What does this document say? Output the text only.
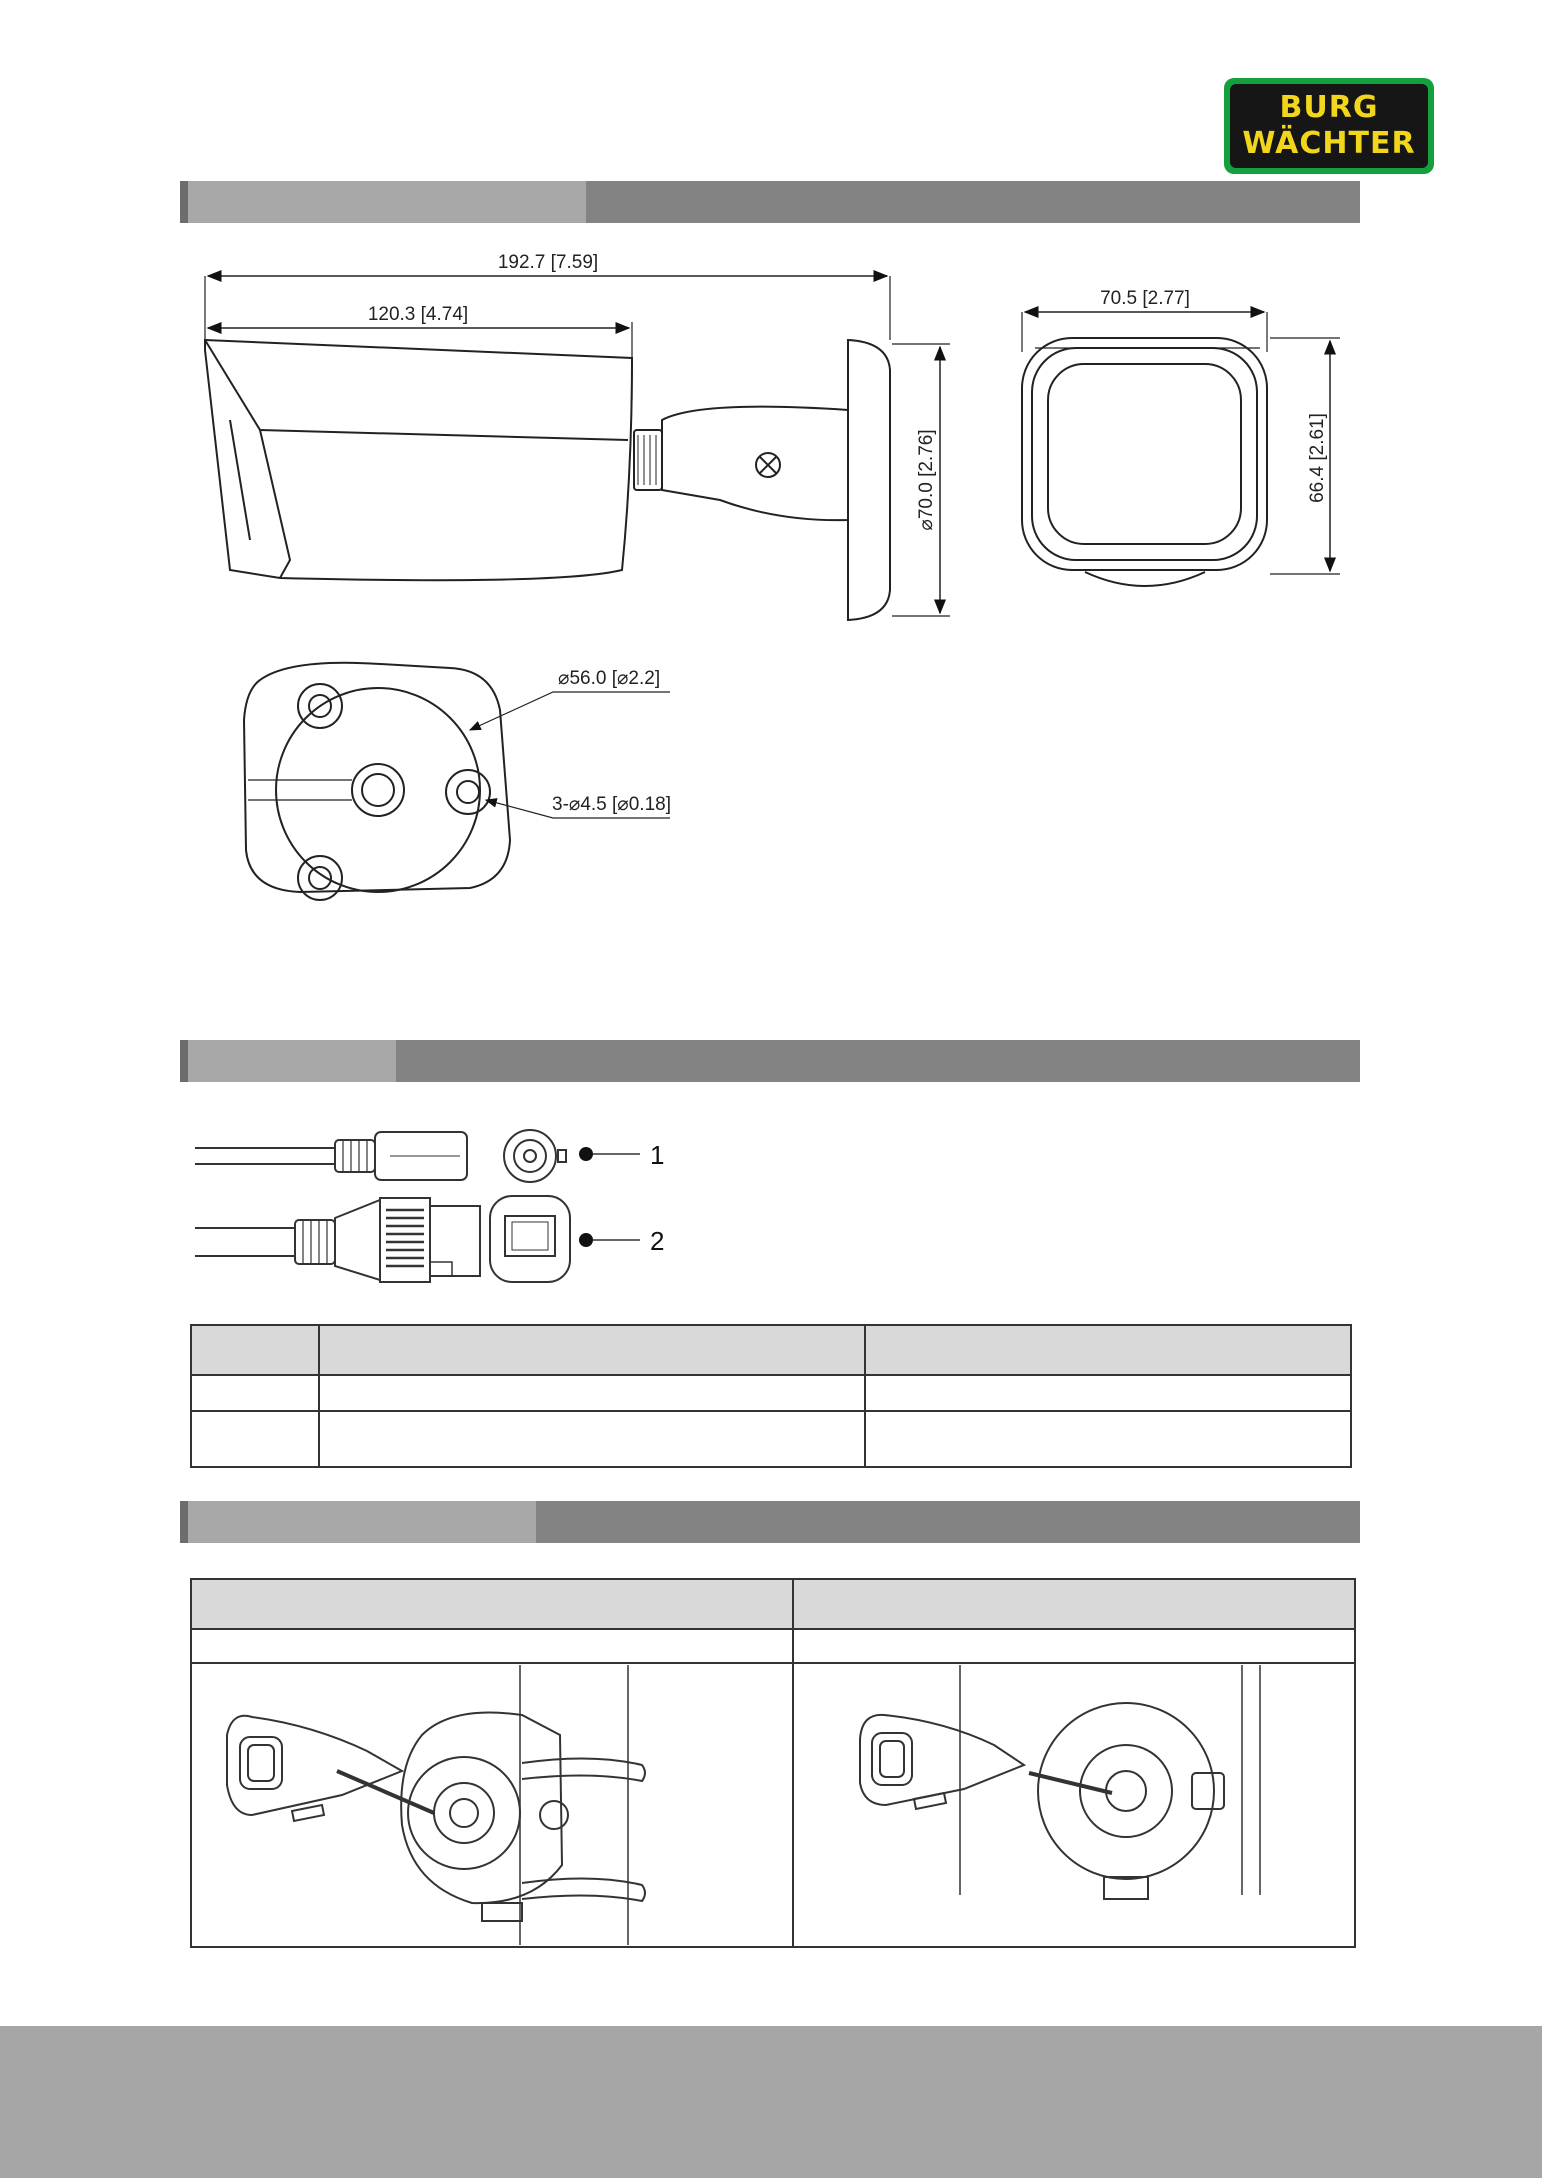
BURG
WÄCHTER
192.7 [7.59]
120.3 [4.74]
⌀70.0 [2.76]
70.5 [2.77]
66.4 [2.61]
⌀56.0 [⌀2.2]
3-⌀4.5 [⌀0.18]
1
2
